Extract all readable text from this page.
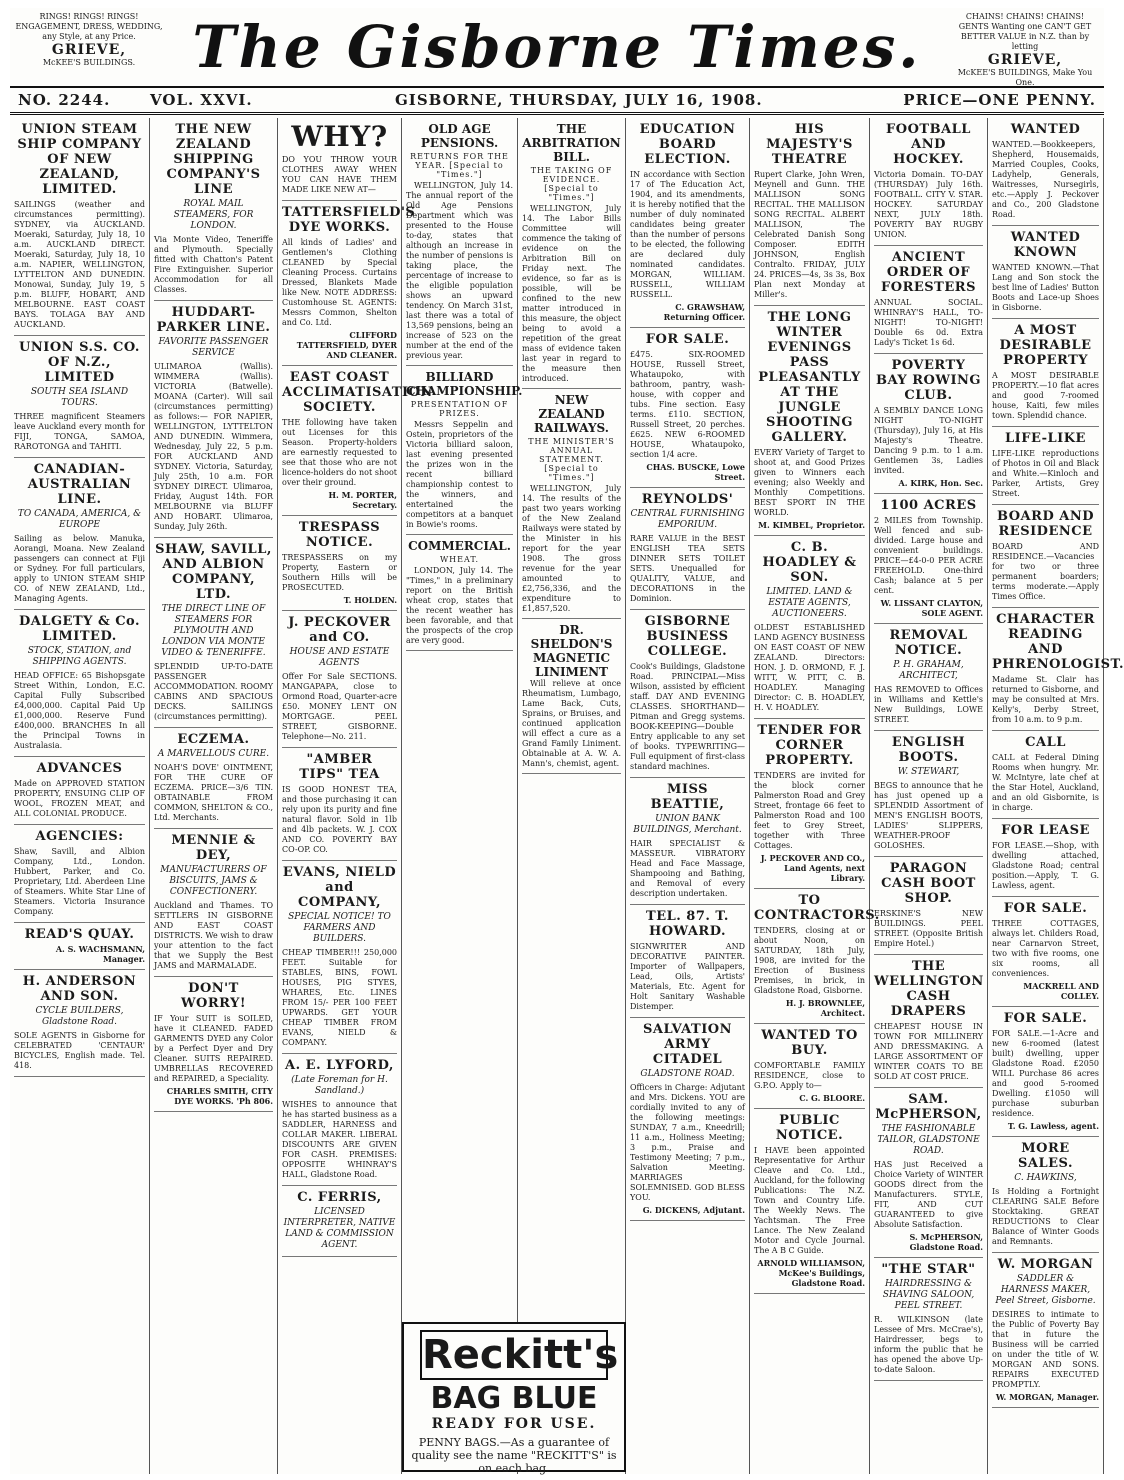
RINGS! RINGS! RINGS!
ENGAGEMENT, DRESS, WEDDING, any Style, at any Price.
GRIEVE,
McKEE'S BUILDINGS. The Gisborne Times.	CHAINS! CHAINS! CHAINS!
GENTS Wanting one CAN'T GET BETTER VALUE in N.Z. than by letting
GRIEVE,
McKEE'S BUILDINGS, Make You One.
NO. 2244.	VOL. XXVI.	GISBORNE, THURSDAY, JULY 16, 1908.	PRICE—ONE PENNY.
UNION STEAM SHIP COMPANY OF NEW ZEALAND, LIMITED.
SAILINGS (weather and circumstances permitting). SYDNEY, via AUCKLAND. Moeraki, Saturday, July 18, 10 a.m. AUCKLAND DIRECT. Moeraki, Saturday, July 18, 10 a.m. NAPIER, WELLINGTON, LYTTELTON AND DUNEDIN. Monowai, Sunday, July 19, 5 p.m. BLUFF, HOBART, AND MELBOURNE. EAST COAST BAYS. TOLAGA BAY AND AUCKLAND.
UNION S.S. CO. OF N.Z., LIMITED
SOUTH SEA ISLAND TOURS.
THREE magnificent Steamers leave Auckland every month for FIJI, TONGA, SAMOA, RAROTONGA and TAHITI.
CANADIAN-AUSTRALIAN LINE.
TO CANADA, AMERICA, & EUROPE
Sailing as below. Manuka, Aorangi, Moana. New Zealand passengers can connect at Fiji or Sydney. For full particulars, apply to UNION STEAM SHIP CO. of NEW ZEALAND, Ltd., Managing Agents.
DALGETY & Co. LIMITED.
STOCK, STATION, and SHIPPING AGENTS.
HEAD OFFICE: 65 Bishopsgate Street Within, London, E.C. Capital Fully Subscribed £4,000,000. Capital Paid Up £1,000,000. Reserve Fund £400,000. BRANCHES In all the Principal Towns in Australasia.
ADVANCES
Made on APPROVED STATION PROPERTY, ENSUING CLIP OF WOOL, FROZEN MEAT, and ALL COLONIAL PRODUCE.
AGENCIES:
Shaw, Savill, and Albion Company, Ltd., London. Hubbert, Parker, and Co. Proprietary, Ltd. Aberdeen Line of Steamers. White Star Line of Steamers. Victoria Insurance Company.
READ'S QUAY.
A. S. WACHSMANN, Manager.
H. ANDERSON AND SON.
CYCLE BUILDERS, Gladstone Road.
SOLE AGENTS in Gisborne for CELEBRATED 'CENTAUR' BICYCLES, English made. Tel. 418.
THE NEW ZEALAND SHIPPING COMPANY'S LINE
ROYAL MAIL STEAMERS, FOR LONDON.
Via Monte Video, Teneriffe and Plymouth. Specially fitted with Chatton's Patent Fire Extinguisher. Superior Accommodation for all Classes.
HUDDART-PARKER LINE.
FAVORITE PASSENGER SERVICE
ULIMAROA (Wallis). WIMMERA (Wallis). VICTORIA (Batwelle). MOANA (Carter). Will sail (circumstances permitting) as follows:— FOR NAPIER, WELLINGTON, LYTTELTON AND DUNEDIN. Wimmera, Wednesday, July 22, 5 p.m. FOR AUCKLAND AND SYDNEY. Victoria, Saturday, July 25th, 10 a.m. FOR SYDNEY DIRECT. Ulimaroa, Friday, August 14th. FOR MELBOURNE via BLUFF AND HOBART. Ulimaroa, Sunday, July 26th.
SHAW, SAVILL, AND ALBION COMPANY, LTD.
THE DIRECT LINE OF STEAMERS FOR PLYMOUTH AND LONDON VIA MONTE VIDEO & TENERIFFE.
SPLENDID UP-TO-DATE PASSENGER ACCOMMODATION. ROOMY CABINS AND SPACIOUS DECKS. SAILINGS (circumstances permitting).
ECZEMA.
A MARVELLOUS CURE.
NOAH'S DOVE' OINTMENT, FOR THE CURE OF ECZEMA. PRICE—3/6 TIN. OBTAINABLE FROM COMMON, SHELTON & CO., Ltd. Merchants.
MENNIE & DEY,
MANUFACTURERS OF BISCUITS, JAMS & CONFECTIONERY.
Auckland and Thames. TO SETTLERS IN GISBORNE AND EAST COAST DISTRICTS. We wish to draw your attention to the fact that we Supply the Best JAMS and MARMALADE.
DON'T WORRY!
IF Your SUIT is SOILED, have it CLEANED. FADED GARMENTS DYED any Color by a Perfect Dyer and Dry Cleaner. SUITS REPAIRED. UMBRELLAS RECOVERED and REPAIRED, a Speciality.
CHARLES SMITH, CITY DYE WORKS. 'Ph 806.
WHY?
DO YOU THROW YOUR CLOTHES AWAY WHEN YOU CAN HAVE THEM MADE LIKE NEW AT—
TATTERSFIELD'S DYE WORKS.
All kinds of Ladies' and Gentlemen's Clothing CLEANED by Special Cleaning Process. Curtains Dressed, Blankets Made like New. NOTE ADDRESS: Customhouse St. AGENTS: Messrs Common, Shelton and Co. Ltd.
CLIFFORD TATTERSFIELD, DYER AND CLEANER.
EAST COAST ACCLIMATISATION SOCIETY.
THE following have taken out Licenses for this Season. Property-holders are earnestly requested to see that those who are not licence-holders do not shoot over their ground.
H. M. PORTER, Secretary.
TRESPASS NOTICE.
TRESPASSERS on my Property, Eastern or Southern Hills will be PROSECUTED.
T. HOLDEN.
J. PECKOVER and CO.
HOUSE AND ESTATE AGENTS
Offer For Sale SECTIONS. MANGAPAPA, close to Ormond Road, Quarter-acre £50. MONEY LENT ON MORTGAGE. PEEL STREET, GISBORNE. Telephone—No. 211.
"AMBER TIPS" TEA
IS GOOD HONEST TEA, and those purchasing it can rely upon its purity and fine natural flavor. Sold in 1lb and 4lb packets. W. J. COX AND CO. POVERTY BAY CO-OP. CO.
EVANS, NIELD and COMPANY,
SPECIAL NOTICE! TO FARMERS AND BUILDERS.
CHEAP TIMBER!!! 250,000 FEET. Suitable for STABLES, BINS, FOWL HOUSES, PIG STYES, WHARES, Etc. LINES FROM 15/- PER 100 FEET UPWARDS. GET YOUR CHEAP TIMBER FROM EVANS, NIELD & COMPANY.
A. E. LYFORD,
(Late Foreman for H. Sandland.)
WISHES to announce that he has started business as a SADDLER, HARNESS and COLLAR MAKER. LIBERAL DISCOUNTS ARE GIVEN FOR CASH. PREMISES: OPPOSITE WHINRAY'S HALL, Gladstone Road.
C. FERRIS,
LICENSED INTERPRETER, NATIVE LAND & COMMISSION AGENT.
OLD AGE PENSIONS.
RETURNS FOR THE YEAR. [Special to "Times."]
WELLINGTON, July 14. The annual report of the Old Age Pensions Department which was presented to the House to-day, states that although an increase in the number of pensions is taking place, the percentage of increase to the eligible population shows an upward tendency. On March 31st, last there was a total of 13,569 pensions, being an increase of 523 on the number at the end of the previous year.
BILLIARD CHAMPIONSHIP.
PRESENTATION OF PRIZES.
Messrs Seppelin and Ostein, proprietors of the Victoria billiard saloon, last evening presented the prizes won in the recent billiard championship contest to the winners, and entertained the competitors at a banquet in Bowie's rooms.
COMMERCIAL.
WHEAT.
LONDON, July 14. The "Times," in a preliminary report on the British wheat crop, states that the recent weather has been favorable, and that the prospects of the crop are very good.
THE ARBITRATION BILL.
THE TAKING OF EVIDENCE. [Special to "Times."]
WELLINGTON, July 14. The Labor Bills Committee will commence the taking of evidence on the Arbitration Bill on Friday next. The evidence, so far as is possible, will be confined to the new matter introduced in this measure, the object being to avoid a repetition of the great mass of evidence taken last year in regard to the measure then introduced.
NEW ZEALAND RAILWAYS.
THE MINISTER'S ANNUAL STATEMENT. [Special to "Times."]
WELLINGTON, July 14. The results of the past two years working of the New Zealand Railways were stated by the Minister in his report for the year 1908. The gross revenue for the year amounted to £2,756,336, and the expenditure to £1,857,520.
DR. SHELDON'S MAGNETIC LINIMENT
Will relieve at once Rheumatism, Lumbago, Lame Back, Cuts, Sprains, or Bruises, and continued application will effect a cure as a Grand Family Liniment. Obtainable at A. W. A. Mann's, chemist, agent.
EDUCATION BOARD ELECTION.
IN accordance with Section 17 of The Education Act, 1904, and its amendments, it is hereby notified that the number of duly nominated candidates being greater than the number of persons to be elected, the following are declared duly nominated candidates. MORGAN, WILLIAM. RUSSELL, WILLIAM RUSSELL.
C. GRAWSHAW, Returning Officer.
FOR SALE.
£475. SIX-ROOMED HOUSE, Russell Street, Whataupoko, with bathroom, pantry, wash-house, with copper and tubs. Fine section. Easy terms. £110. SECTION, Russell Street, 20 perches. £625. NEW 6-ROOMED HOUSE, Whataupoko, section 1/4 acre.
CHAS. BUSCKE, Lowe Street.
REYNOLDS'
CENTRAL FURNISHING EMPORIUM.
RARE VALUE in the BEST ENGLISH TEA SETS DINNER SETS TOILET SETS. Unequalled for QUALITY, VALUE, and DECORATIONS in the Dominion.
GISBORNE BUSINESS COLLEGE.
Cook's Buildings, Gladstone Road. PRINCIPAL—Miss Wilson, assisted by efficient staff. DAY AND EVENING CLASSES. SHORTHAND—Pitman and Gregg systems. BOOK-KEEPING—Double Entry applicable to any set of books. TYPEWRITING—Full equipment of first-class standard machines.
MISS BEATTIE,
UNION BANK BUILDINGS, Merchant.
HAIR SPECIALIST & MASSEUR. VIBRATORY Head and Face Massage, Shampooing and Bathing, and Removal of every description undertaken.
TEL. 87. T. HOWARD.
SIGNWRITER AND DECORATIVE PAINTER. Importer of Wallpapers, Lead, Oils, Artists' Materials, Etc. Agent for Holt Sanitary Washable Distemper.
SALVATION ARMY CITADEL
GLADSTONE ROAD.
Officers in Charge: Adjutant and Mrs. Dickens. YOU are cordially invited to any of the following meetings: SUNDAY, 7 a.m., Kneedrill; 11 a.m., Holiness Meeting; 3 p.m., Praise and Testimony Meeting; 7 p.m., Salvation Meeting. MARRIAGES SOLEMNISED. GOD BLESS YOU.
G. DICKENS, Adjutant.
HIS MAJESTY'S THEATRE
Rupert Clarke, John Wren, Meynell and Gunn. THE MALLISON SONG RECITAL. THE MALLISON SONG RECITAL. ALBERT MALLISON, The Celebrated Danish Song Composer. EDITH JOHNSON, English Contralto. FRIDAY, JULY 24. PRICES—4s, 3s 3s, Box Plan next Monday at Miller's.
THE LONG WINTER EVENINGS PASS PLEASANTLY AT THE JUNGLE SHOOTING GALLERY.
EVERY Variety of Target to shoot at, and Good Prizes given to Winners each evening; also Weekly and Monthly Competitions. BEST SPORT IN THE WORLD.
M. KIMBEL, Proprietor.
C. B. HOADLEY & SON.
LIMITED. LAND & ESTATE AGENTS, AUCTIONEERS.
OLDEST ESTABLISHED LAND AGENCY BUSINESS ON EAST COAST OF NEW ZEALAND. Directors: HON. J. D. ORMOND, F. J. WITT, W. PITT, C. B. HOADLEY. Managing Director: C. B. HOADLEY, H. V. HOADLEY.
TENDER FOR CORNER PROPERTY.
TENDERS are invited for the block corner Palmerston Road and Grey Street, frontage 66 feet to Palmerston Road and 100 feet to Grey Street, together with Three Cottages.
J. PECKOVER AND CO., Land Agents, next Library.
TO CONTRACTORS.
TENDERS, closing at or about Noon, on SATURDAY, 18th July, 1908, are invited for the Erection of Business Premises, in brick, in Gladstone Road, Gisborne.
H. J. BROWNLEE, Architect.
WANTED TO BUY.
COMFORTABLE FAMILY RESIDENCE, close to G.P.O. Apply to—
C. G. BLOORE.
PUBLIC NOTICE.
I HAVE been appointed Representative for Arthur Cleave and Co. Ltd., Auckland, for the following Publications: The N.Z. Town and Country Life. The Weekly News. The Yachtsman. The Free Lance. The New Zealand Motor and Cycle Journal. The A B C Guide.
ARNOLD WILLIAMSON, McKee's Buildings, Gladstone Road.
FOOTBALL AND HOCKEY.
Victoria Domain. TO-DAY (THURSDAY) July 16th. FOOTBALL. CITY V. STAR. HOCKEY. SATURDAY NEXT, JULY 18th. POVERTY BAY RUGBY UNION.
ANCIENT ORDER OF FORESTERS
ANNUAL SOCIAL. WHINRAY'S HALL, TO-NIGHT! TO-NIGHT! Double 6s 0d. Extra Lady's Ticket 1s 6d.
POVERTY BAY ROWING CLUB.
A SEMBLY DANCE LONG NIGHT TO-NIGHT (Thursday), July 16, at His Majesty's Theatre. Dancing 9 p.m. to 1 a.m. Gentlemen 3s, Ladies invited.
A. KIRK, Hon. Sec.
1100 ACRES
2 MILES from Township. Well fenced and sub-divided. Large house and convenient buildings. PRICE—£4-0-0 PER ACRE FREEHOLD. One-third Cash; balance at 5 per cent.
W. LISSANT CLAYTON, SOLE AGENT.
REMOVAL NOTICE.
P. H. GRAHAM, ARCHITECT,
HAS REMOVED to Offices in Williams and Kettle's New Buildings, LOWE STREET.
ENGLISH BOOTS.
W. STEWART,
BEGS to announce that he has just opened up a SPLENDID Assortment of MEN'S ENGLISH BOOTS, LADIES' SLIPPERS, WEATHER-PROOF GOLOSHES.
PARAGON CASH BOOT SHOP.
ERSKINE'S NEW BUILDINGS. PEEL STREET. (Opposite British Empire Hotel.)
THE WELLINGTON CASH DRAPERS
CHEAPEST HOUSE IN TOWN FOR MILLINERY AND DRESSMAKING. A LARGE ASSORTMENT OF WINTER COATS TO BE SOLD AT COST PRICE.
SAM. McPHERSON,
THE FASHIONABLE TAILOR, GLADSTONE ROAD.
HAS just Received a Choice Variety of WINTER GOODS direct from the Manufacturers. STYLE, FIT, AND CUT GUARANTEED to give Absolute Satisfaction.
S. McPHERSON, Gladstone Road.
"THE STAR"
HAIRDRESSING & SHAVING SALOON, PEEL STREET.
R. WILKINSON (late Lessee of Mrs. McCrae's), Hairdresser, begs to inform the public that he has opened the above Up-to-date Saloon.
WANTED
WANTED.—Bookkeepers, Shepherd, Housemaids, Married Couples, Cooks, Ladyhelp, Generals, Waitresses, Nursegirls, etc.—Apply J. Peckover and Co., 200 Gladstone Road.
WANTED KNOWN
WANTED KNOWN.—That Lang and Son stock the best line of Ladies' Button Boots and Lace-up Shoes in Gisborne.
A MOST DESIRABLE PROPERTY
A MOST DESIRABLE PROPERTY.—10 flat acres and good 7-roomed house, Kaiti, few miles town. Splendid chance.
LIFE-LIKE
LIFE-LIKE reproductions of Photos in Oil and Black and White.—Kinloch and Parker, Artists, Grey Street.
BOARD AND RESIDENCE
BOARD AND RESIDENCE.—Vacancies for two or three permanent boarders; terms moderate.—Apply Times Office.
CHARACTER READING AND PHRENOLOGIST.
Madame St. Clair has returned to Gisborne, and may be consulted at Mrs. Kelly's, Derby Street, from 10 a.m. to 9 p.m.
CALL
CALL at Federal Dining Rooms when hungry. Mr. W. McIntyre, late chef at the Star Hotel, Auckland, and an old Gisbornite, is in charge.
FOR LEASE
FOR LEASE.—Shop, with dwelling attached, Gladstone Road; central position.—Apply, T. G. Lawless, agent.
FOR SALE.
THREE COTTAGES, always let. Childers Road, near Carnarvon Street, two with five rooms, one six rooms, all conveniences.
MACKRELL AND COLLEY.
FOR SALE.
FOR SALE.—1-Acre and new 6-roomed (latest built) dwelling, upper Gladstone Road. £2050 WILL Purchase 86 acres and good 5-roomed Dwelling. £1050 will purchase suburban residence.
T. G. Lawless, agent.
MORE SALES.
C. HAWKINS,
Is Holding a Fortnight CLEARING SALE Before Stocktaking. GREAT REDUCTIONS to Clear Balance of Winter Goods and Remnants.
W. MORGAN
SADDLER & HARNESS MAKER, Peel Street, Gisborne.
DESIRES to intimate to the Public of Poverty Bay that in future the Business will be carried on under the title of W. MORGAN AND SONS. REPAIRS EXECUTED PROMPTLY.
W. MORGAN, Manager.
Reckitt's
BAG BLUE
READY FOR USE.
PENNY BAGS.—As a guarantee of quality see the name "RECKITT'S" is on each bag.
